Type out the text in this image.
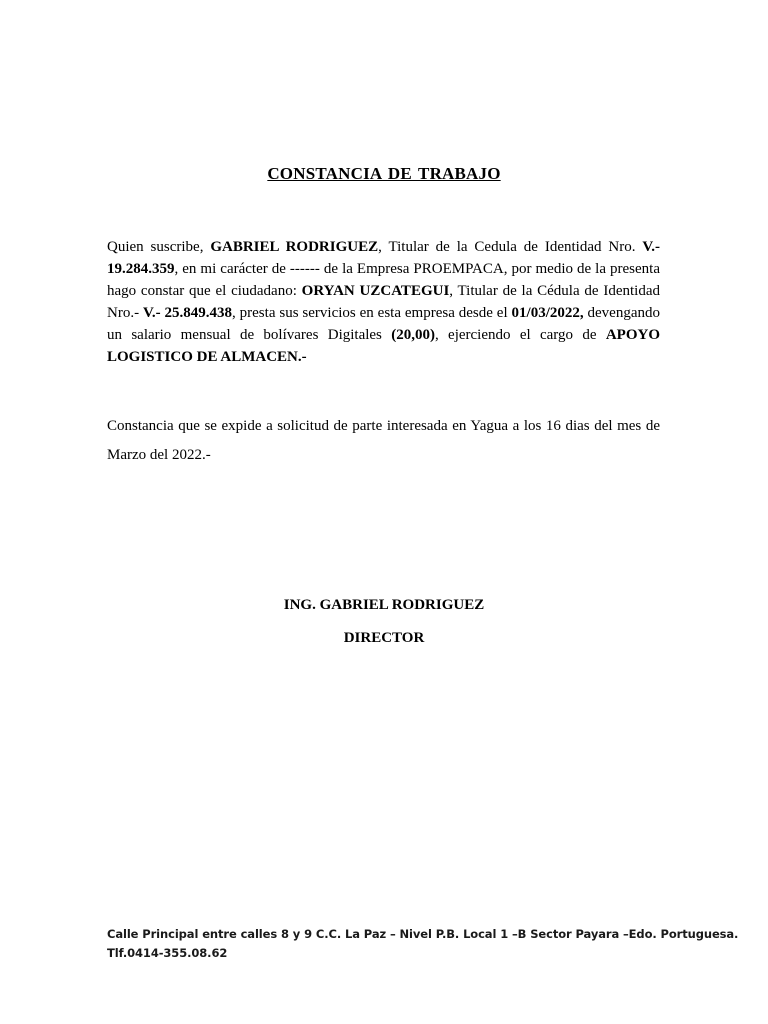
CONSTANCIA DE TRABAJO
Quien suscribe, GABRIEL RODRIGUEZ, Titular de la Cedula de Identidad Nro. V.- 19.284.359, en mi carácter de ------ de la Empresa PROEMPACA, por medio de la presenta hago constar que el ciudadano: ORYAN UZCATEGUI, Titular de la Cédula de Identidad Nro.- V.- 25.849.438, presta sus servicios en esta empresa desde el 01/03/2022, devengando un salario mensual de bolívares Digitales (20,00), ejerciendo el cargo de APOYO LOGISTICO DE ALMACEN.-
Constancia que se expide a solicitud de parte interesada en Yagua a los 16 dias del mes de Marzo del 2022.-
ING. GABRIEL RODRIGUEZ
DIRECTOR
Calle Principal entre calles 8 y 9 C.C. La Paz – Nivel P.B. Local 1 –B Sector Payara –Edo. Portuguesa.
Tlf.0414-355.08.62
